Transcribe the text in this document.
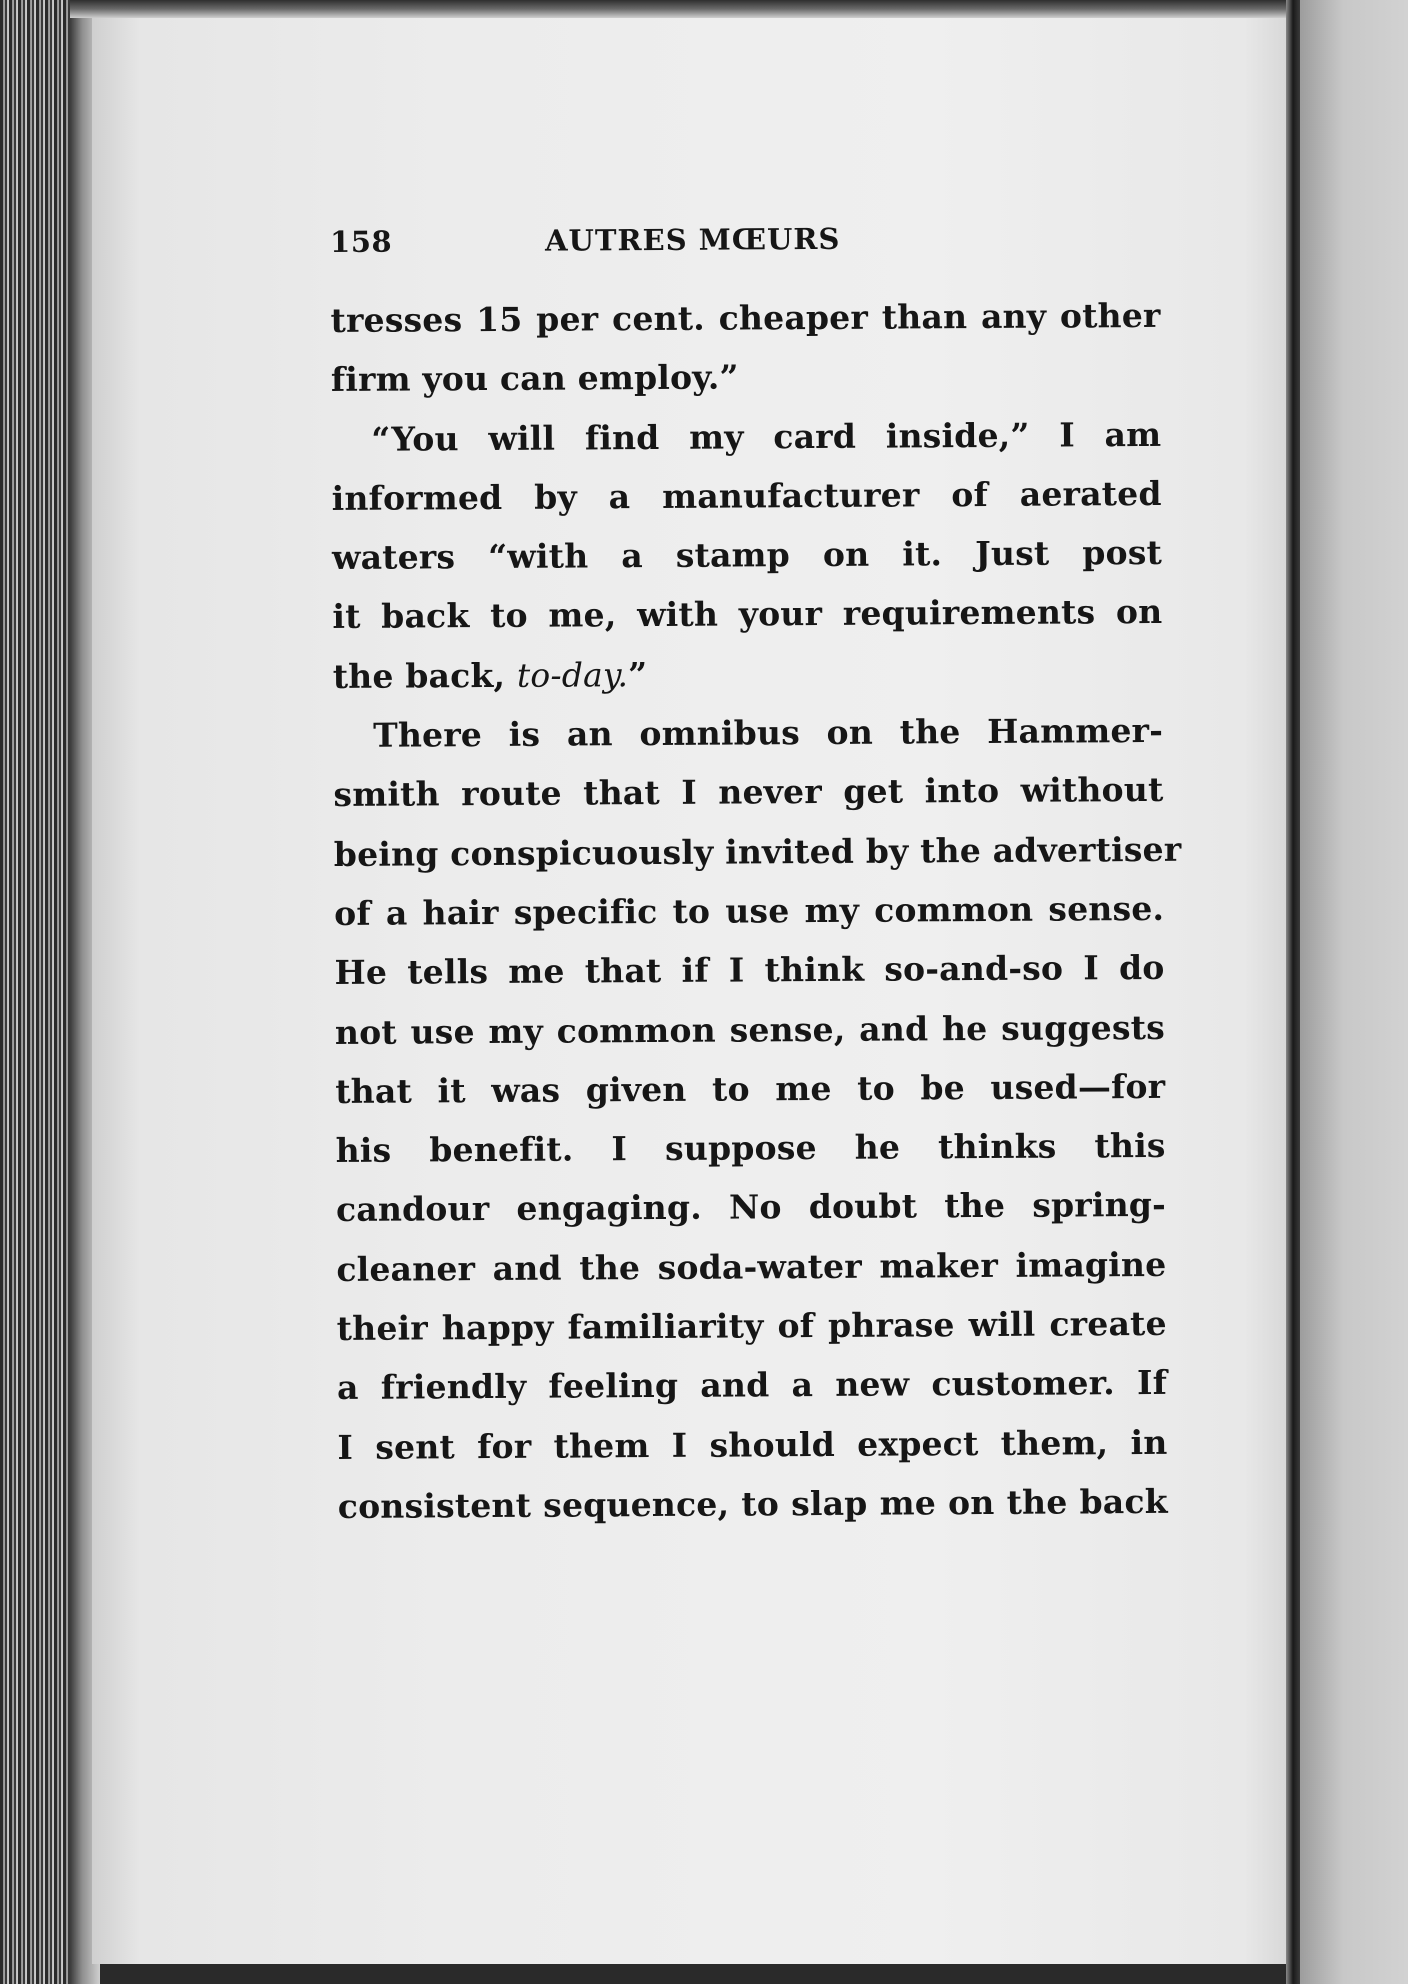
158	AUTRES MŒURS
tresses 15 per cent. cheaper than any other
firm you can employ.”
“You will find my card inside,” I am
informed by a manufacturer of aerated
waters “with a stamp on it. Just post
it back to me, with your requirements on
the back, to-day.”
There is an omnibus on the Hammer-
smith route that I never get into without
being conspicuously invited by the advertiser
of a hair specific to use my common sense.
He tells me that if I think so-and-so I do
not use my common sense, and he suggests
that it was given to me to be used—for
his benefit. I suppose he thinks this
candour engaging. No doubt the spring-
cleaner and the soda-water maker imagine
their happy familiarity of phrase will create
a friendly feeling and a new customer. If
I sent for them I should expect them, in
consistent sequence, to slap me on the back
